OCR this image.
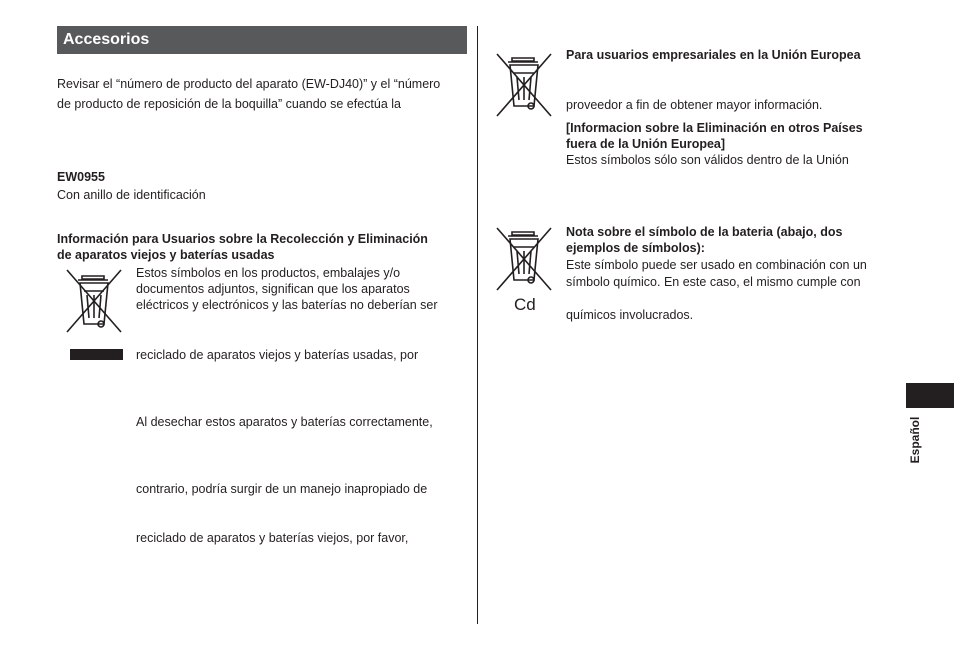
Accesorios
Revisar el “número de producto del aparato (EW-DJ40)” y el “número
de producto de reposición de la boquilla” cuando se efectúa la
EW0955
Con anillo de identificación
Información para Usuarios sobre la Recolección y Eliminación
de aparatos viejos y baterías usadas
Estos símbolos en los productos, embalajes y/o
documentos adjuntos, significan que los aparatos
eléctricos y electrónicos y las baterías no deberían ser
reciclado de aparatos viejos y baterías usadas, por
Al desechar estos aparatos y baterías correctamente,
contrario, podría surgir de un manejo inapropiado de
reciclado de aparatos y baterías viejos, por favor,
Para usuarios empresariales en la Unión Europea
proveedor a fin de obtener mayor información.
[Informacion sobre la Eliminación en otros Países
fuera de la Unión Europea]
Estos símbolos sólo son válidos dentro de la Unión
Cd
Nota sobre el símbolo de la bateria (abajo, dos
ejemplos de símbolos):
Este símbolo puede ser usado en combinación con un
símbolo químico. En este caso, el mismo cumple con
químicos involucrados.
Español
